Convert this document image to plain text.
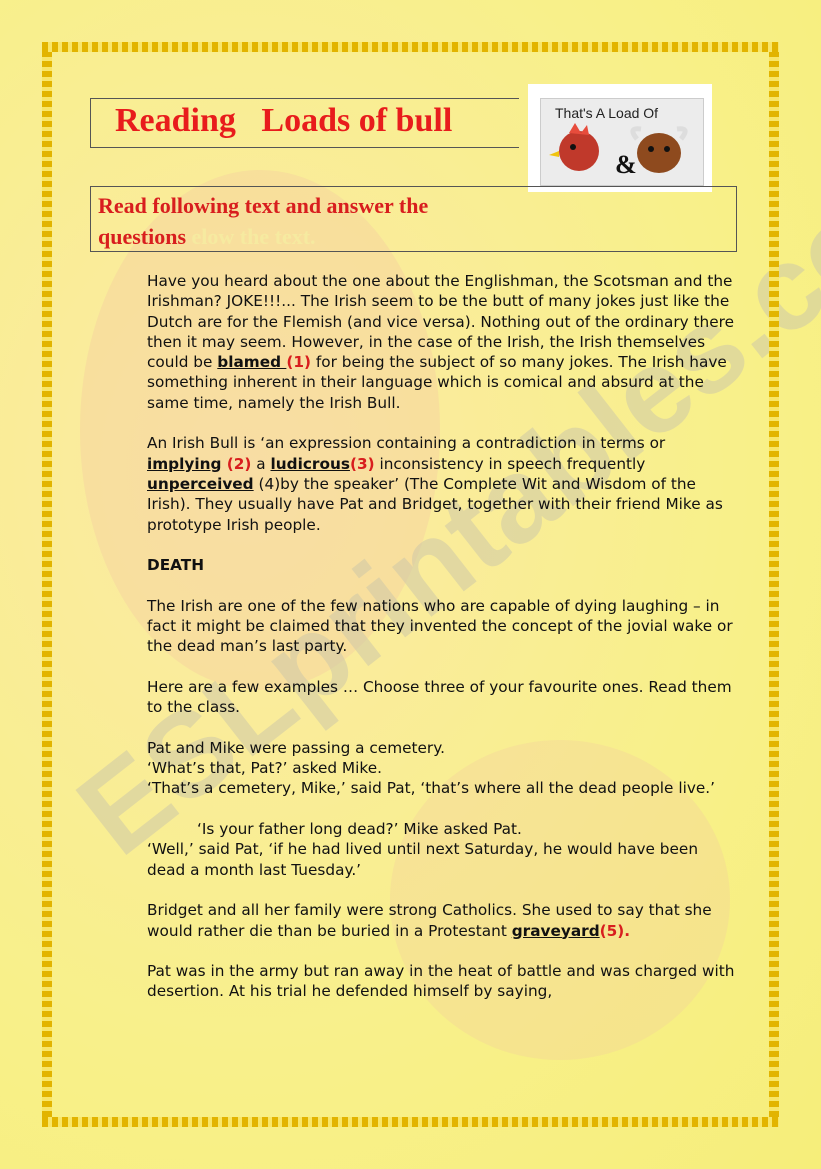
Reading   Loads of bull	That's A Load Of
&

Read following text and answer the questions elow the text.

Have you heard about the one about the Englishman, the Scotsman and the Irishman? JOKE!!!... The Irish seem to be the butt of many jokes just like the Dutch are for the Flemish (and vice versa). Nothing out of the ordinary there then it may seem. However, in the case of the Irish, the Irish themselves could be blamed (1) for being the subject of so many jokes. The Irish have something inherent in their language which is comical and absurd at the same time, namely the Irish Bull.

An Irish Bull is ‘an expression containing a contradiction in terms or implying (2) a ludicrous(3) inconsistency in speech frequently unperceived (4)by the speaker’ (The Complete Wit and Wisdom of the Irish). They usually have Pat and Bridget, together with their friend Mike as prototype Irish people.

DEATH

The Irish are one of the few nations who are capable of dying laughing – in fact it might be claimed that they invented the concept of the jovial wake or the dead man’s last party.

Here are a few examples … Choose three of your favourite ones. Read them to the class.

Pat and Mike were passing a cemetery.
‘What’s that, Pat?’ asked Mike.
‘That’s a cemetery, Mike,’ said Pat, ‘that’s where all the dead people live.’

‘Is your father long dead?’ Mike asked Pat.
‘Well,’ said Pat, ‘if he had lived until next Saturday, he would have been dead a month last Tuesday.’

Bridget and all her family were strong Catholics. She used to say that she would rather die than be buried in a Protestant graveyard(5).

Pat was in the army but ran away in the heat of battle and was charged with desertion. At his trial he defended himself by saying,
